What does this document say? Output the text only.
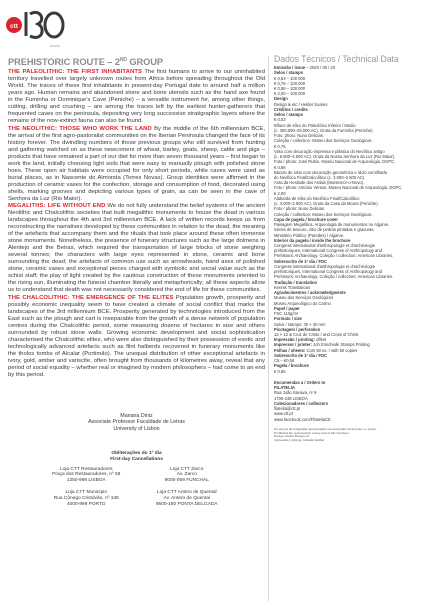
ctt
ANOS
PREHISTORIC ROUTE – 2ND GROUP

THE PALEOLITHIC: THE FIRST INHABITANTS The first humans to arrive to our uninhabited territory travelled over largely unknown routes from Africa before spreading throughout the Old World. The traces of these first inhabitants in present-day Portugal date to around half a million years ago. Human remains and abandoned stone and bone utensils such as the hand axe found in the Fuminha or Dominique's Cave (Peniche) – a versatile instrument for, among other things, cutting, drilling and crushing – are among the traces left by the earliest hunter-gatherers that frequented caves on the peninsula, depositing very long successive stratigraphic layers where the remains of the now-extinct fauna can also be found.

THE NEOLITHIC: THOSE WHO WORK THE LAND By the middle of the 6th millennium BCE, the arrival of the first agro-pastoralist communities on the Iberian Peninsula changed the face of its history forever. The dwindling numbers of those previous groups who still survived from hunting and gathering watched on as these newcomers of wheat, barley, goats, sheep, cattle and pigs – products that have remained a part of our diet for more than seven thousand years – first began to work the land, initially choosing light soils that were easy to manually plough with polished stone hoes. These open air habitats were occupied for only short periods, while caves were used as burial places, as in Nascente do Almonda (Torres Novas). Group identities were affirmed in the production of ceramic vases for the confection, storage and consumption of food, decorated using shells, marking grooves and depicting various types of grain, as can be seen in the cave of Senhora da Luz (Rio Maior).

MEGALITHS: LIFE WITHOUT END We do not fully understand the belief systems of the ancient Neolithic and Chalcolithic societies that built megalithic monuments to house the dead in various landscapes throughout the 4th and 3rd millennium BCE. A lack of written records keeps us from reconstructing the narratives developed by these communities in relation to the dead, the meaning of the artefacts that accompany them and the rituals that took place around these often immense stone monuments. Nonetheless, the presence of funerary structures such as the large dolmens in Alentejo and the Beiras, which required the transportation of large blocks of stone weighing several tonnes; the characters with large eyes represented in stone, ceramic and bone surrounding the dead; the artefacts of common use such as arrowheads, hand axes of polished stone, ceramic vases and exceptional pieces charged with symbolic and social value such as the schist staff; the play of light created by the cautious construction of these monuments oriented to the rising sun, illuminating the funeral chamber literally and metaphorically; all these aspects allow us to understand that death was not necessarily considered the end of life for these communities.

THE CHALCOLITHIC: THE EMERGENCE OF THE ELITES Population growth, prosperity and possibly economic inequality seem to have created a climate of social conflict that marks the landscapes of the 3rd millennium BCE. Prosperity generated by technologies introduced from the East such as the plough and cart is inseparable from the growth of a dense network of population centres during the Chalcolithic period, some measuring dozens of hectares in size and others surrounded by robust stone walls. Growing economic development and social sophistication characterised the Chalcolithic elites, who were also distinguished by their possession of exotic and technologically advanced artefacts such as flint halberds recovered in funerary monuments like the tholos tombs of Alcalar (Portimão). The unequal distribution of other exceptional artefacts in ivory, gold, amber and variscite, often brought from thousands of kilometres away, reveal that any period of social equality – whether real or imagined by modern philosophers – had come to an end by this period.

Mariana Diniz
Associate Professor Faculdade de Letras
University of Lisbon
Obliterações do 1º dia
First-day Cancellations
Loja CTT Restauradores
Praça dos Restauradores, nº 58
1250-998 LISBOA
Loja CTT Zarco
Av. Zarco
9000-069 FUNCHAL
Loja CTT Município
Rua Cônego Cristóvão, nº 136
4000-999 PORTO
Loja CTT Antero de Quental
Av. Antero de Quental
9500-160 PONTA DELGADA
Dados Técnicos / Technical Data

Emissão / issue – 2020 / 08 / 20

Selos / stamps

€ 0,53 – 100 000

€ 0,75 – 100 000

€ 0,86 – 100 000

€ 2,00 – 100 000

Design

Design & etc / Helder Soares

Créditos / credits

Selos / stamps

€ 0,53

Biface de sílex do Paleolítico Inferior / Medio

(c. 300.000–25.000 AC). Gruta da Furninha (Peniche).

Foto: photo: Nuno Delicias.

Coleção / collection: Museu dos Serviços Geológicos.

€ 0,75

Vaso com decoração impressa e plástica do Neolítico antigo

(c. 5.500–4.500 AC). Gruta da Nossa Senhora da Luz (Rio Maior).

Foto / photo: José Rubio. Museu Nacional de Arqueologia, DGPC.

€ 0,86

Báculo de xisto com decoração geométrica e ídolo cernilhado

do Neolítico Final/Calcolítico (c. 3.000–2.500 AC).

Anta da Herdade dos Ardais (Montemor-o-Novo).

Foto / photo: António Venturi. Museu Nacional de Arqueologia, DGPC.

€ 2,00

Alabarda de sílex do Neolítico Final/Calcolítico

(c. 3.000–2.500 AC). Gruta da Casa da Moura (Peniche).

Foto / photo: Nuno Delicias.

Coleção / collection: Museu dos Serviços Geológicos.

Capa de pagela / brochure cover

Paisagem Megalítica. Arqueologia de monumentos no Algarve.

Séries de tesouro, sítio de pedras pintadas e gravuras,

Ministério Público (Paredes) / Algarve.

Interior da pagela / inside the brochure

Congress international d'anthropologie et d'archéologie

préhistoriques, International Congress of Anthropology and

Prehistoric Archaeology. Coleção / collection: American Libraries.

Sobrescrito de 1º dia / FDC

Congress international d'anthropologie et d'archéologie

préhistoriques, International Congress of Anthropology and

Prehistoric Archaeology. Coleção / collection: American Libraries.

Tradução / translation

Kennis Translations

Agradecimentos / acknowledgments

Museu dos Serviços Geológicos

Museu Arqueológico do Carmo

Papel / paper

FSC 110g/m²

Formato / size

Selos / stamps: 30 × 40 mm

Picotagem / perforation

12 × 12 & Cruz de Cristo / and Cross of Christ

Impressão / printing: offset

Impressor / printer: Joh Enschedé Stamps Printing

Folhas / sheets: Com 50 ex. / with 50 copies

Sobrescrito de 1º dia / FDC

C5 – €0,56

Pagela / brochure

€ 0,85

Encomendas a / Orders to

FILATELIA

Rua João Saraiva, nº 9

1700-248 LISBOA

Colecionadores / collectors

filatelia@ctt.pt

www.ctt.pt

www.facebook.com/FilateliaCtt

Os preços de fotografias apresentados as aumentam levemente e o preço.
Prohibited the reproduction of any part of this brochure.
Design: Atelier Design etc
Impressão / printing: Achada Grafika
